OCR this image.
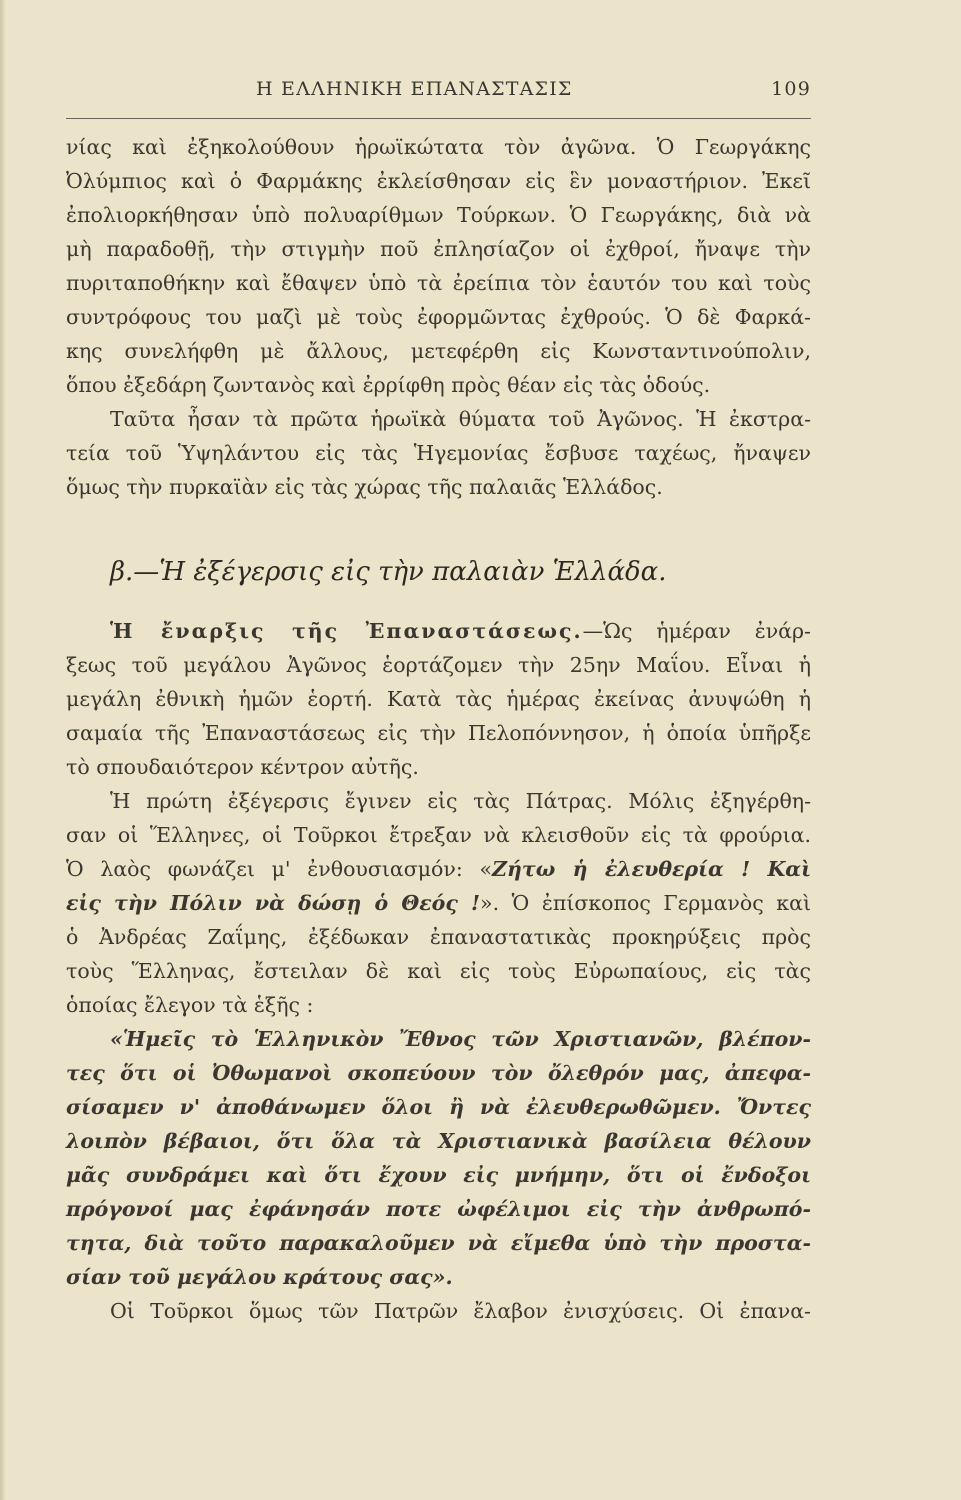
Η ΕΛΛΗΝΙΚΗ ΕΠΑΝΑΣΤΑΣΙΣ	109
νίας καὶ ἐξηκολούθουν ἡρωϊκώτατα τὸν ἀγῶνα. Ὁ Γεωργάκης
Ὀλύμπιος καὶ ὁ Φαρμάκης ἐκλείσθησαν εἰς ἓν μοναστήριον. Ἐκεῖ
ἐπολιορκήθησαν ὑπὸ πολυαρίθμων Τούρκων. Ὁ Γεωργάκης, διὰ νὰ
μὴ παραδοθῇ, τὴν στιγμὴν ποῦ ἐπλησίαζον οἱ ἐχθροί, ἤναψε τὴν
πυριταποθήκην καὶ ἔθαψεν ὑπὸ τὰ ἐρείπια τὸν ἑαυτόν του καὶ τοὺς
συντρόφους του μαζὶ μὲ τοὺς ἐφορμῶντας ἐχθρούς. Ὁ δὲ Φαρκά-
κης συνελήφθη μὲ ἄλλους, μετεφέρθη εἰς Κωνσταντινούπολιν,
ὅπου ἐξεδάρη ζωντανὸς καὶ ἐρρίφθη πρὸς θέαν εἰς τὰς ὁδούς.
Ταῦτα ἦσαν τὰ πρῶτα ἡρωϊκὰ θύματα τοῦ Ἀγῶνος. Ἡ ἐκστρα-
τεία τοῦ Ὑψηλάντου εἰς τὰς Ἡγεμονίας ἔσβυσε ταχέως, ἤναψεν
ὅμως τὴν πυρκαϊὰν εἰς τὰς χώρας τῆς παλαιᾶς Ἑλλάδος.
β.—Ἡ ἐξέγερσις εἰς τὴν παλαιὰν Ἑλλάδα.
Ἡ ἔναρξις τῆς Ἐπαναστάσεως.—Ὡς ἡμέραν ἐνάρ-
ξεως τοῦ μεγάλου Ἀγῶνος ἑορτάζομεν τὴν 25ην Μαΐου. Εἶναι ἡ
μεγάλη ἐθνικὴ ἡμῶν ἑορτή. Κατὰ τὰς ἡμέρας ἐκείνας ἀνυψώθη ἡ
σαμαία τῆς Ἐπαναστάσεως εἰς τὴν Πελοπόννησον, ἡ ὁποία ὑπῆρξε
τὸ σπουδαιότερον κέντρον αὐτῆς.
Ἡ πρώτη ἐξέγερσις ἔγινεν εἰς τὰς Πάτρας. Μόλις ἐξηγέρθη-
σαν οἱ Ἕλληνες, οἱ Τοῦρκοι ἔτρεξαν νὰ κλεισθοῦν εἰς τὰ φρούρια.
Ὁ λαὸς φωνάζει μ' ἐνθουσιασμόν: «Ζήτω ἡ ἐλευθερία ! Καὶ
εἰς τὴν Πόλιν νὰ δώσῃ ὁ Θεός !». Ὁ ἐπίσκοπος Γερμανὸς καὶ
ὁ Ἀνδρέας Ζαΐμης, ἐξέδωκαν ἐπαναστατικὰς προκηρύξεις πρὸς
τοὺς Ἕλληνας, ἔστειλαν δὲ καὶ εἰς τοὺς Εὐρωπαίους, εἰς τὰς
ὁποίας ἔλεγον τὰ ἑξῆς :
«Ἡμεῖς τὸ Ἑλληνικὸν Ἔθνος τῶν Χριστιανῶν, βλέπον-
τες ὅτι οἱ Ὀθωμανοὶ σκοπεύουν τὸν ὄλεθρόν μας, ἀπεφα-
σίσαμεν ν' ἀποθάνωμεν ὅλοι ἢ νὰ ἐλευθερωθῶμεν. Ὄντες
λοιπὸν βέβαιοι, ὅτι ὅλα τὰ Χριστιανικὰ βασίλεια θέλουν
μᾶς συνδράμει καὶ ὅτι ἔχουν εἰς μνήμην, ὅτι οἱ ἔνδοξοι
πρόγονοί μας ἐφάνησάν ποτε ὠφέλιμοι εἰς τὴν ἀνθρωπό-
τητα, διὰ τοῦτο παρακαλοῦμεν νὰ εἴμεθα ὑπὸ τὴν προστα-
σίαν τοῦ μεγάλου κράτους σας».
Οἱ Τοῦρκοι ὅμως τῶν Πατρῶν ἔλαβον ἐνισχύσεις. Οἱ ἐπανα-
